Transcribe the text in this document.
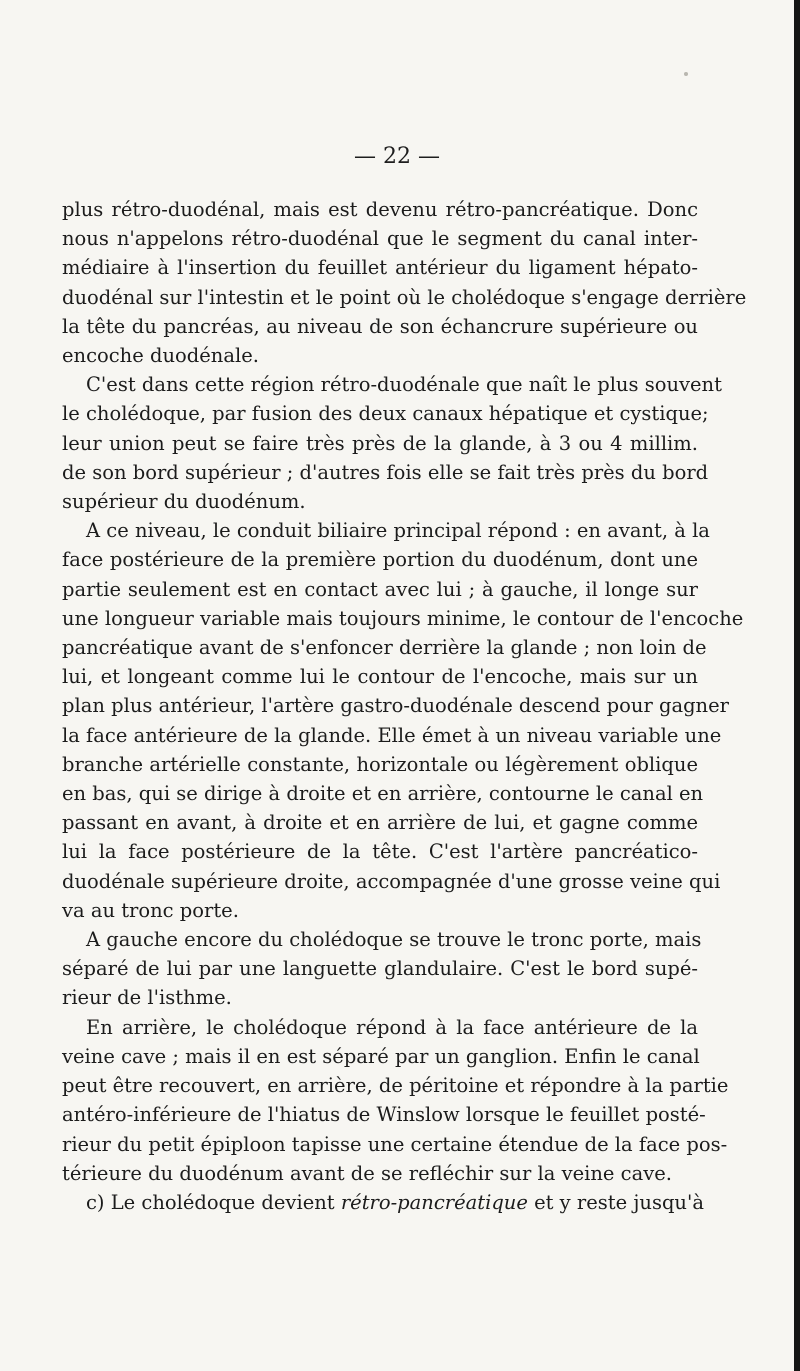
— 22 —

plus rétro-duodénal, mais est devenu rétro-pancréatique. Donc
nous n'appelons rétro-duodénal que le segment du canal inter-
médiaire à l'insertion du feuillet antérieur du ligament hépato-
duodénal sur l'intestin et le point où le cholédoque s'engage derrière
la tête du pancréas, au niveau de son échancrure supérieure ou
encoche duodénale.

C'est dans cette région rétro-duodénale que naît le plus souvent
le cholédoque, par fusion des deux canaux hépatique et cystique;
leur union peut se faire très près de la glande, à 3 ou 4 millim.
de son bord supérieur ; d'autres fois elle se fait très près du bord
supérieur du duodénum.

A ce niveau, le conduit biliaire principal répond : en avant, à la
face postérieure de la première portion du duodénum, dont une
partie seulement est en contact avec lui ; à gauche, il longe sur
une longueur variable mais toujours minime, le contour de l'encoche
pancréatique avant de s'enfoncer derrière la glande ; non loin de
lui, et longeant comme lui le contour de l'encoche, mais sur un
plan plus antérieur, l'artère gastro-duodénale descend pour gagner
la face antérieure de la glande. Elle émet à un niveau variable une
branche artérielle constante, horizontale ou légèrement oblique
en bas, qui se dirige à droite et en arrière, contourne le canal en
passant en avant, à droite et en arrière de lui, et gagne comme
lui la face postérieure de la tête. C'est l'artère pancréatico-
duodénale supérieure droite, accompagnée d'une grosse veine qui
va au tronc porte.

A gauche encore du cholédoque se trouve le tronc porte, mais
séparé de lui par une languette glandulaire. C'est le bord supé-
rieur de l'isthme.

En arrière, le cholédoque répond à la face antérieure de la
veine cave ; mais il en est séparé par un ganglion. Enfin le canal
peut être recouvert, en arrière, de péritoine et répondre à la partie
antéro-inférieure de l'hiatus de Winslow lorsque le feuillet posté-
rieur du petit épiploon tapisse une certaine étendue de la face pos-
térieure du duodénum avant de se refléchir sur la veine cave.

c) Le cholédoque devient rétro-pancréatique et y reste jusqu'à
